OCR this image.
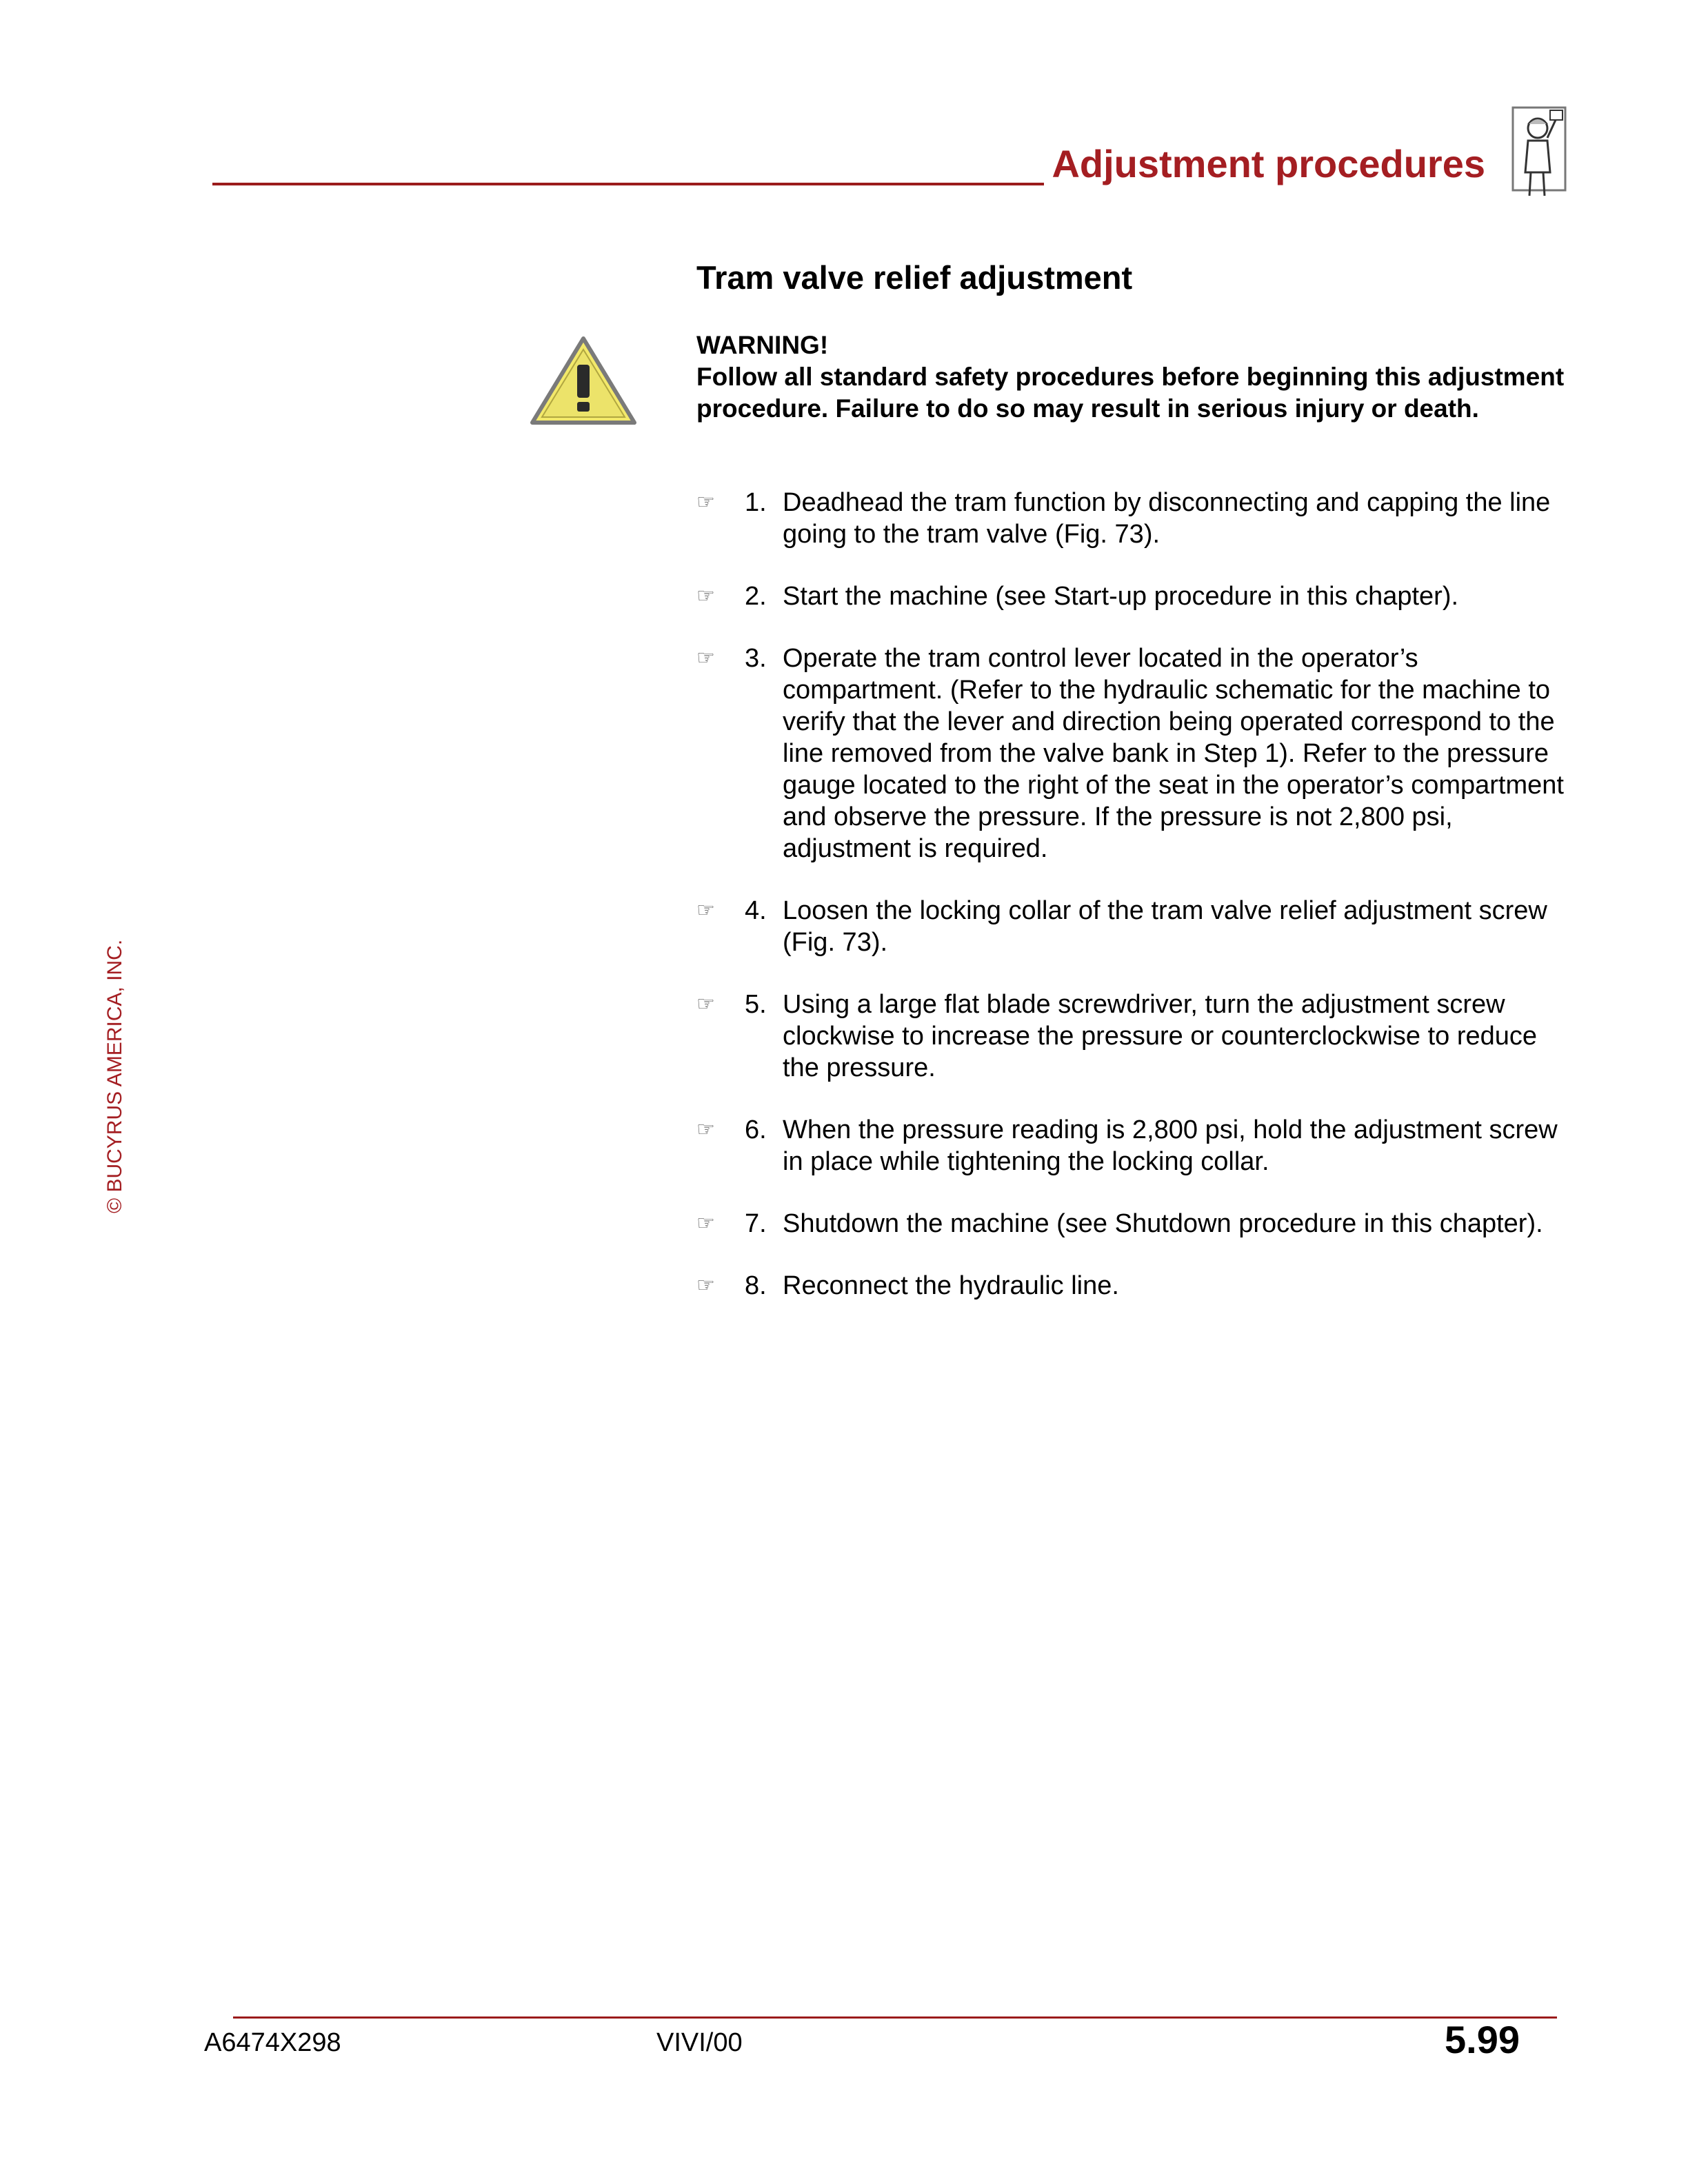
Adjustment procedures
© BUCYRUS AMERICA, INC.
Tram valve relief adjustment
WARNING!
Follow all standard safety procedures before beginning this adjustment procedure. Failure to do so may result in serious injury or death.
☞ 1. Deadhead the tram function by disconnecting and capping the line going to the tram valve (Fig. 73).
☞ 2. Start the machine (see Start-up procedure in this chapter).
☞ 3. Operate the tram control lever located in the operator’s compartment. (Refer to the hydraulic schematic for the machine to verify that the lever and direction being operated correspond to the line removed from the valve bank in Step 1). Refer to the pressure gauge located to the right of the seat in the operator’s compartment and observe the pressure. If the pressure is not 2,800 psi, adjustment is required.
☞ 4. Loosen the locking collar of the tram valve relief adjustment screw (Fig. 73).
☞ 5. Using a large flat blade screwdriver, turn the adjustment screw clockwise to increase the pressure or counterclockwise to reduce the pressure.
☞ 6. When the pressure reading is 2,800 psi, hold the adjustment screw in place while tightening the locking collar.
☞ 7. Shutdown the machine (see Shutdown procedure in this chapter).
☞ 8. Reconnect the hydraulic line.
A6474X298	VIVI/00	5.99
